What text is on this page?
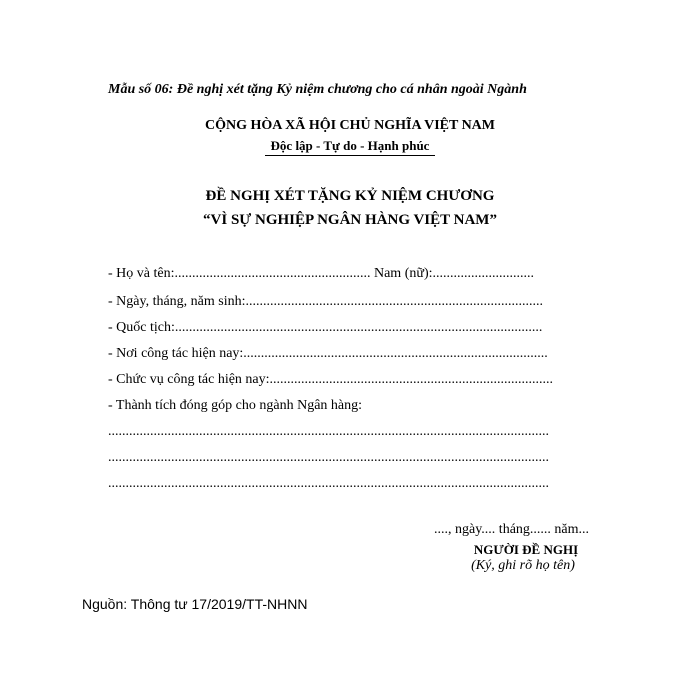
Mẫu số 06: Đề nghị xét tặng Kỷ niệm chương cho cá nhân ngoài Ngành
CỘNG HÒA XÃ HỘI CHỦ NGHĨA VIỆT NAM
Độc lập - Tự do - Hạnh phúc
ĐỀ NGHỊ XÉT TẶNG KỶ NIỆM CHƯƠNG
“VÌ SỰ NGHIỆP NGÂN HÀNG VIỆT NAM”
- Họ và tên:........................................................ Nam (nữ):.............................
- Ngày, tháng, năm sinh:.....................................................................................
- Quốc tịch:.........................................................................................................
- Nơi công tác hiện nay:.......................................................................................
- Chức vụ công tác hiện nay:.................................................................................
- Thành tích đóng góp cho ngành Ngân hàng:
..............................................................................................................................
..............................................................................................................................
..............................................................................................................................
...., ngày.... tháng...... năm...
NGƯỜI ĐỀ NGHỊ
(Ký, ghi rõ họ tên)
Nguồn: Thông tư 17/2019/TT-NHNN
